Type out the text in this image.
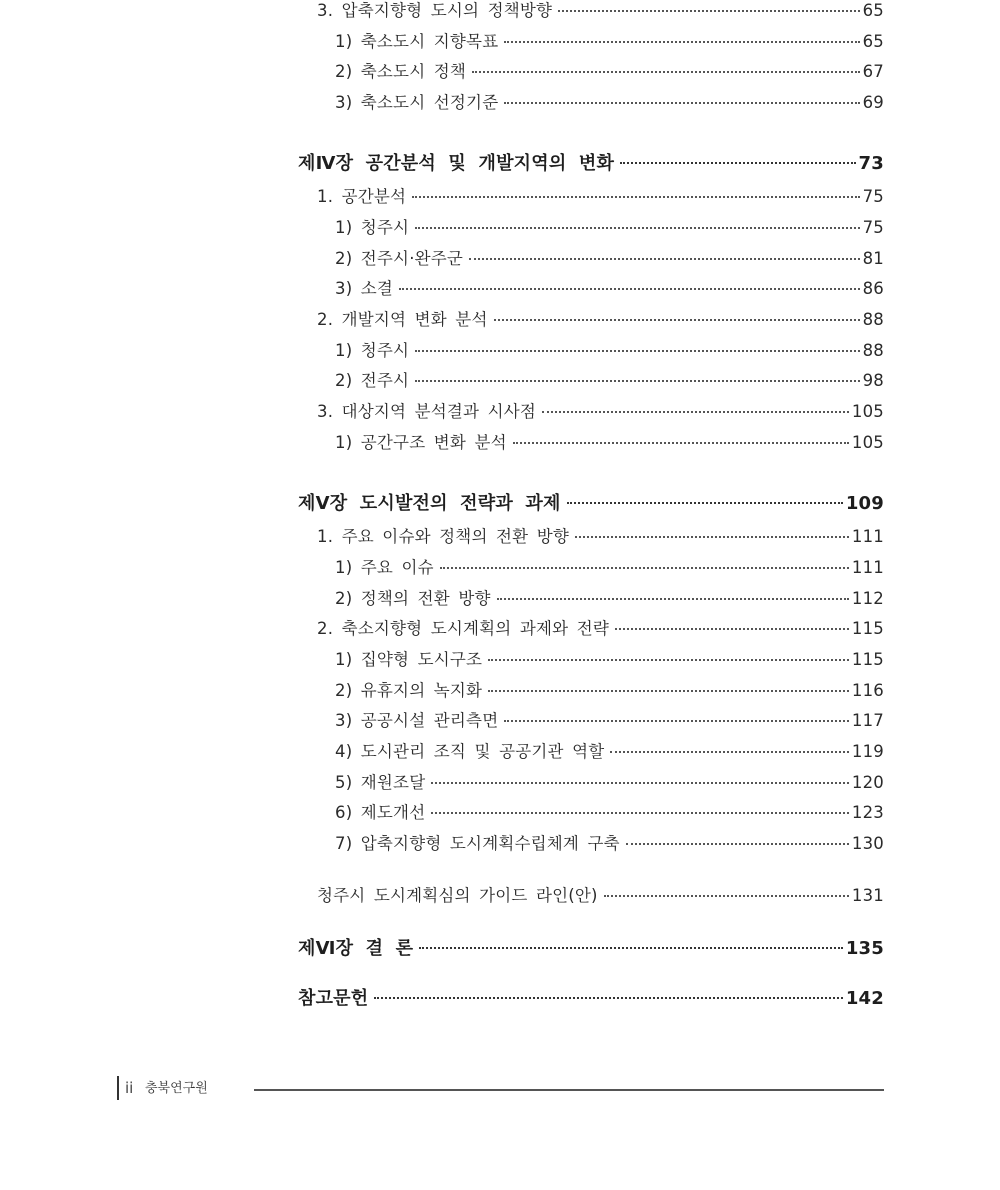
3. 압축지향형 도시의 정책방향	65
1) 축소도시 지향목표	65
2) 축소도시 정책	67
3) 축소도시 선정기준	69
제Ⅳ장 공간분석 및 개발지역의 변화	73
1. 공간분석	75
1) 청주시	75
2) 전주시·완주군	81
3) 소결	86
2. 개발지역 변화 분석	88
1) 청주시	88
2) 전주시	98
3. 대상지역 분석결과 시사점	105
1) 공간구조 변화 분석	105
제Ⅴ장 도시발전의 전략과 과제	109
1. 주요 이슈와 정책의 전환 방향	111
1) 주요 이슈	111
2) 정책의 전환 방향	112
2. 축소지향형 도시계획의 과제와 전략	115
1) 집약형 도시구조	115
2) 유휴지의 녹지화	116
3) 공공시설 관리측면	117
4) 도시관리 조직 및 공공기관 역할	119
5) 재원조달	120
6) 제도개선	123
7) 압축지향형 도시계획수립체계 구축	130
청주시 도시계획심의 가이드 라인(안)	131
제Ⅵ장 결 론	135
참고문헌	142
ii 충북연구원
